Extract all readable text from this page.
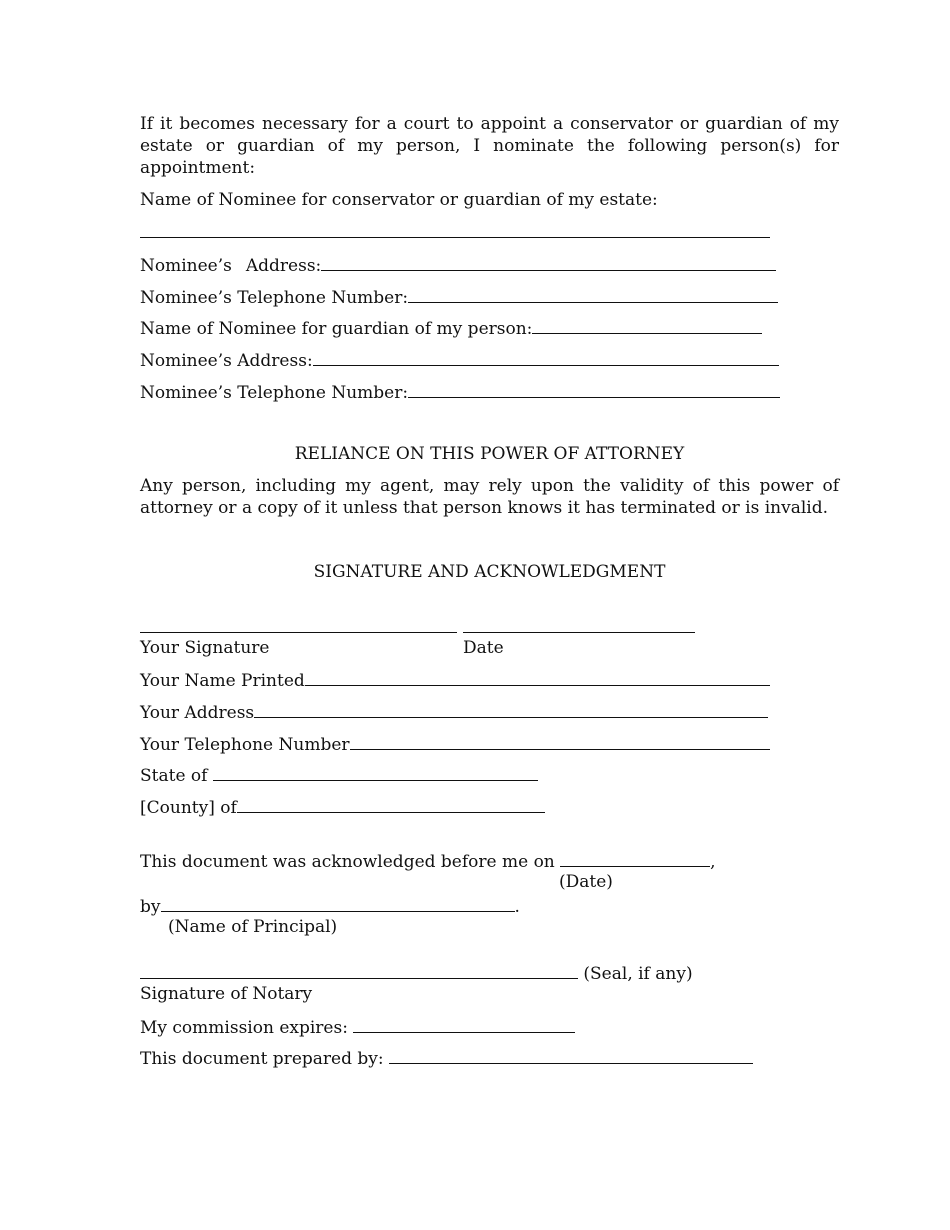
If it becomes necessary for a court to appoint a conservator or guardian of my estate or guardian of my person, I nominate the following person(s) for appointment:
Name of Nominee for conservator or guardian of my estate:
Nominee’s Address:
Nominee’s Telephone Number:
Name of Nominee for guardian of my person:
Nominee’s Address:
Nominee’s Telephone Number:
RELIANCE ON THIS POWER OF ATTORNEY
Any person, including my agent, may rely upon the validity of this power of attorney or a copy of it unless that person knows it has terminated or is invalid.
SIGNATURE AND ACKNOWLEDGMENT
Your Signature	Date
Your Name Printed
Your Address
Your Telephone Number
State of
[County] of
This document was acknowledged before me on	,
(Date)
by	.
(Name of Principal)
(Seal, if any)
Signature of Notary
My commission expires:
This document prepared by:
